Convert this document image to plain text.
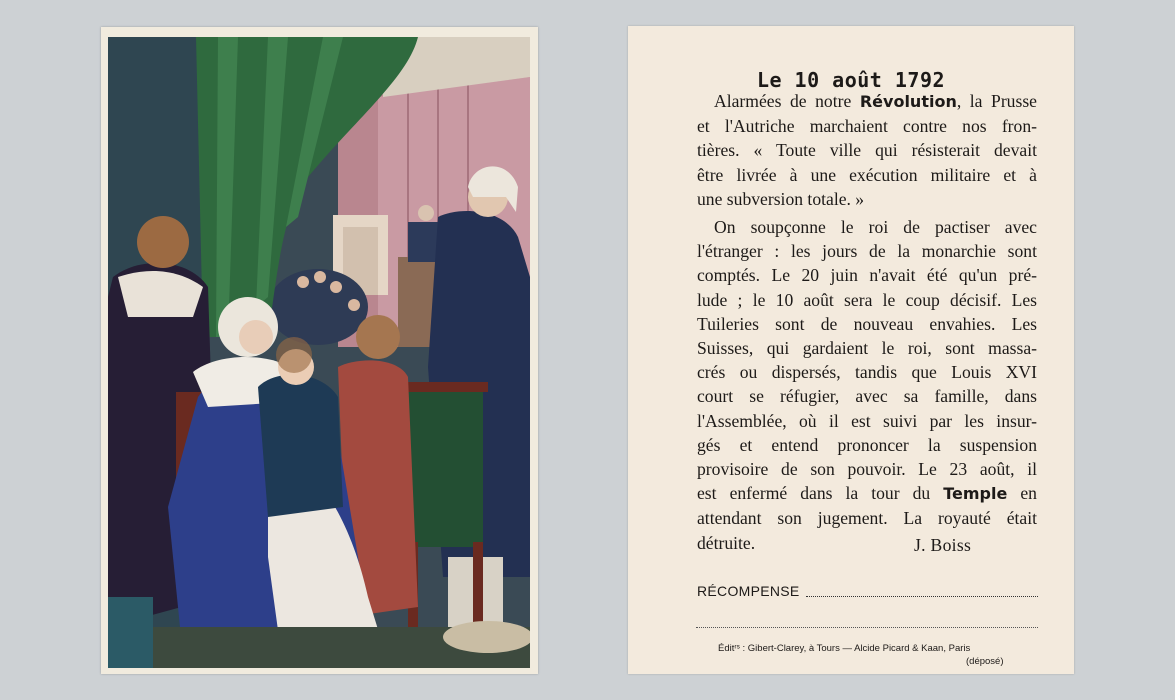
Le 10 août 1792

Alarmées de notre Révolution, la Prusse
et l'Autriche marchaient contre nos fron-
tières. « Toute ville qui résisterait devait
être livrée à une exécution militaire et à
une subversion totale. »

On soupçonne le roi de pactiser avec
l'étranger : les jours de la monarchie sont
comptés. Le 20 juin n'avait été qu'un pré-
lude ; le 10 août sera le coup décisif. Les
Tuileries sont de nouveau envahies. Les
Suisses, qui gardaient le roi, sont massa-
crés ou dispersés, tandis que Louis XVI
court se réfugier, avec sa famille, dans
l'Assemblée, où il est suivi par les insur-
gés et entend prononcer la suspension
provisoire de son pouvoir. Le 23 août, il
est enfermé dans la tour du Temple en
attendant son jugement. La royauté était
détruite.	J. Boiss
RÉCOMPENSE
Éditʳˢ : Gibert-Clarey, à Tours — Alcide Picard & Kaan, Paris
(déposé)
